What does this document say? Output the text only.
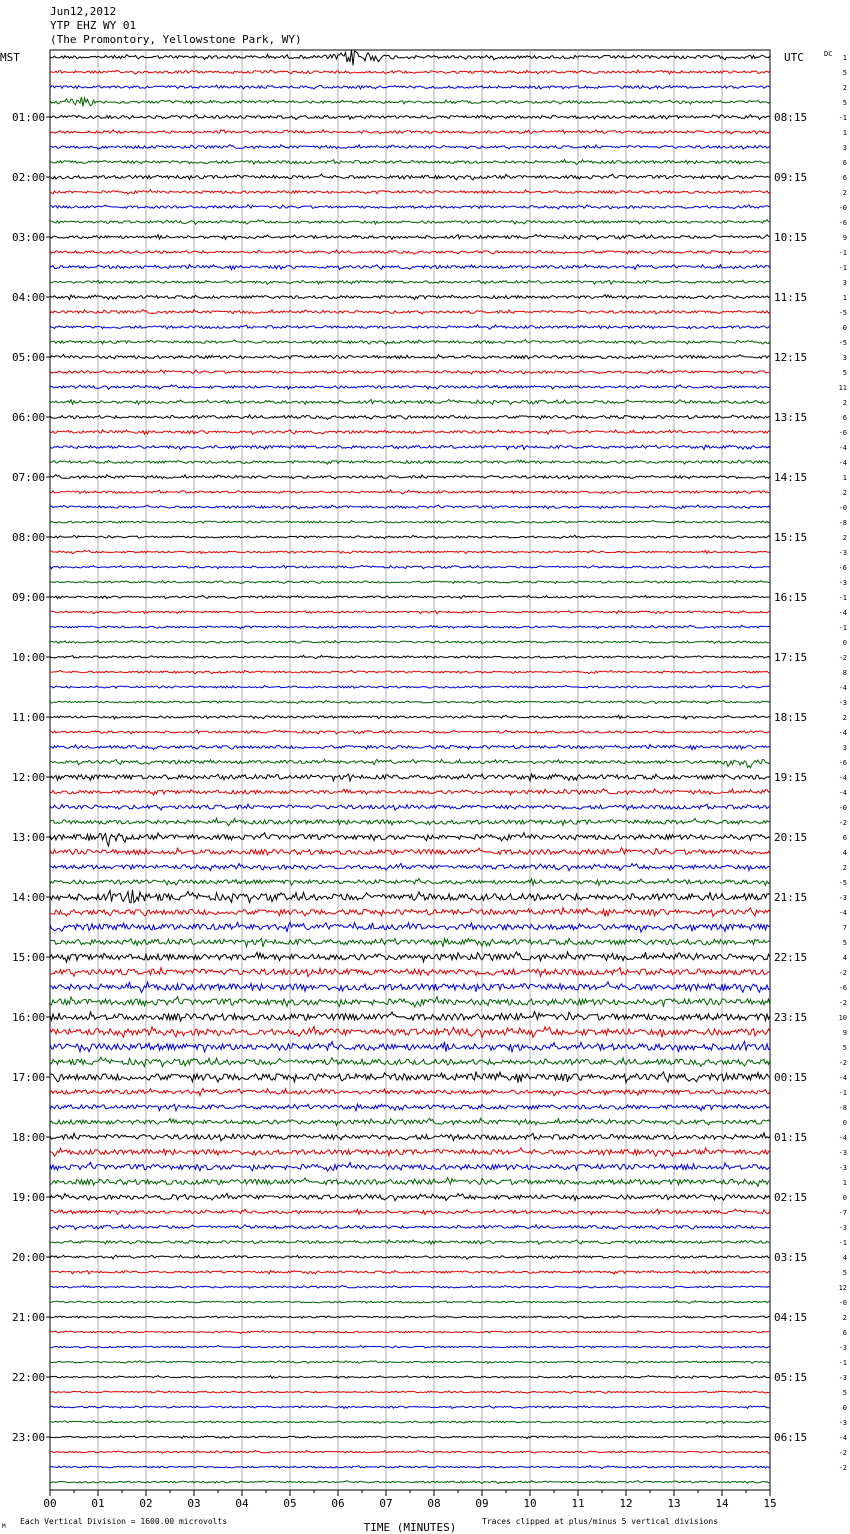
Jun12,2012
YTP EHZ WY 01
(The Promontory, Yellowstone Park, WY)
MST	UTC	DC
01:00
02:00
03:00
04:00
05:00
06:00
07:00
08:00
09:00
10:00
11:00
12:00
13:00
14:00
15:00
16:00
17:00
18:00
19:00
20:00
21:00
22:00
23:00
08:15
09:15
10:15
11:15
12:15
13:15
14:15
15:15
16:15
17:15
18:15
19:15
20:15
21:15
22:15
23:15
00:15
01:15
02:15
03:15
04:15
05:15
06:15
1
5
2
5
-1
1
3
6
6
2
-0
-6
9
-1
-1
3
1
-5
0
-5
3
5
11
2
6
-6
-4
-4
1
2
-0
-8
2
-3
-6
-3
-1
-4
-1
0
-2
8
-4
-3
2
-4
3
-6
-4
-4
-0
-2
6
4
2
-5
-3
-4
7
5
4
-2
-6
-2
10
9
5
-2
-4
-1
-8
0
-4
-3
-3
1
0
-7
-3
-1
4
5
12
-0
2
6
-3
-1
-3
5
0
-3
-4
-2
-2
00	01	02	03	04	05	06	07	08	09	10	11	12	13	14	15
TIME (MINUTES)
Each Vertical Division = 1600.00 microvolts	Traces clipped at plus/minus 5 vertical divisions
M
